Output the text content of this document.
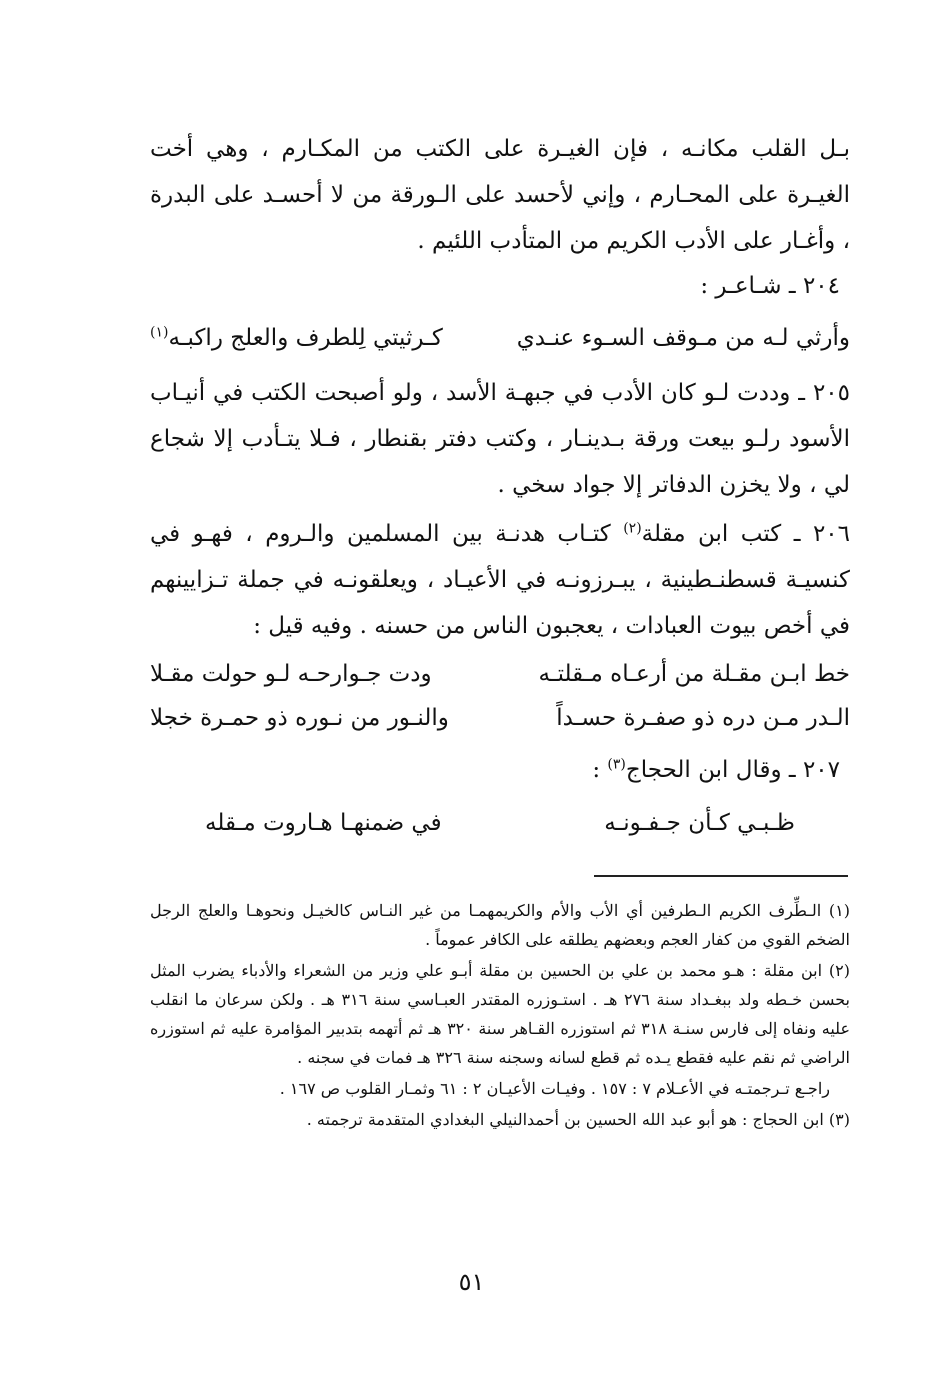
بـل القلب مكانـه ، فإن الغيـرة على الكتب من المكـارم ، وهي أخت الغيـرة على المحـارم ، وإني لأحسد على الـورقة من لا أحسـد على البدرة ، وأغـار على الأدب الكريم من المتأدب اللئيم .

٢٠٤ ـ شـاعـر :
وأرثي لـه من مـوقف السـوء عنـدي
كـرثيتي لِلطرف والعلج راكبـه$^{(١)}$

٢٠٥ ـ وددت لـو كان الأدب في جبهـة الأسد ، ولو أصبحت الكتب في أنيـاب الأسود رلـو بيعت ورقة بـدينـار ، وكتب دفتر بقنطار ، فـلا يتـأدب إلا شجاع لي ، ولا يخزن الدفاتر إلا جواد سخي .

٢٠٦ ـ كتب ابن مقلة$^{(٢)}$ كتـاب هدنـة بين المسلمين والـروم ، فهـو في كنسيـة قسطنـطينية ، يبـرزونـه في الأعيـاد ، ويعلقونـه في جملة تـزايينهم في أخص بيوت العبادات ، يعجبون الناس من حسنه . وفيه قيل :

خط ابـن مقـلة من أرعـاه مـقلتـه
ودت جـوارحـه لـو حولت مقـلا
الـدر مـن دره ذو صفـرة حسـداً
والنـور من نـوره ذو حمـرة خجلا
٢٠٧ ـ وقال ابن الحجاج$^{(٣)}$ :
ظـبـي كـأن جـفـونـه
في ضمنهـا هـاروت مـقله

(١) الـطِّرف الكريم الـطرفين أي الأب والأم والكريمهمـا من غير النـاس كالخيـل ونحوهـا والعلج الرجل الضخم القوي من كفار العجم وبعضهم يطلقه على الكافر عموماً .

(٢) ابن مقلة : هـو محمد بن علي بن الحسين بن مقلة أبـو علي وزير من الشعراء والأدباء يضرب المثل بحسن خـطه ولد ببغـداد سنة ٢٧٦ هـ . استـوزره المقتدر العبـاسي سنة ٣١٦ هـ . ولكن سرعان ما انقلب عليه ونفاه إلى فارس سنـة ٣١٨ ثم استوزره القـاهر سنة ٣٢٠ هـ ثم أتهمه بتدبير المؤامرة عليه ثم استوزره الراضي ثم نقم عليه فقطع يـده ثم قطع لسانه وسجنه سنة ٣٢٦ هـ فمات في سجنه .

راجـع تـرجمتـه في الأعـلام ٧ : ١٥٧ . وفيـات الأعيـان ٢ : ٦١ وثمـار القلوب ص ١٦٧ .

(٣) ابن الحجاج : هو أبو عبد الله الحسين بن أحمدالنيلي البغدادي المتقدمة ترجمته .

٥١
